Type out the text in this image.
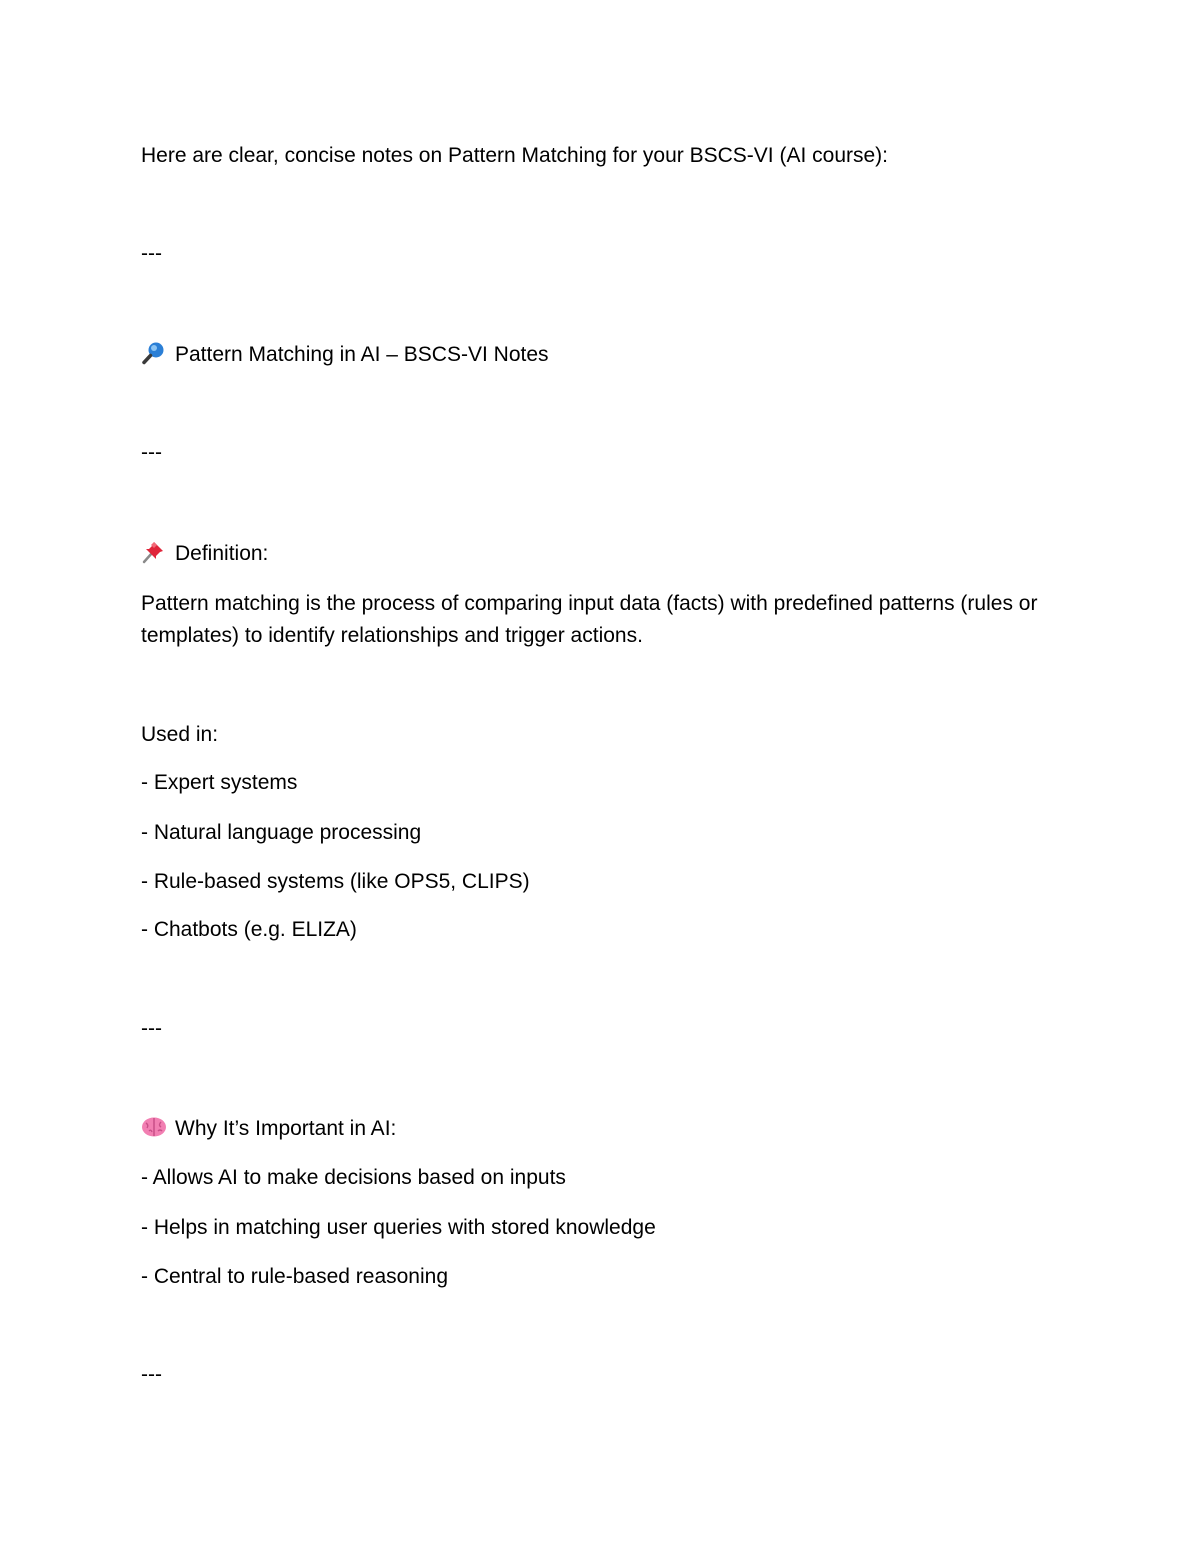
Here are clear, concise notes on Pattern Matching for your BSCS-VI (AI course):
---
Pattern Matching in AI – BSCS-VI Notes
---
Definition:
Pattern matching is the process of comparing input data (facts) with predefined patterns (rules or templates) to identify relationships and trigger actions.
Used in:
- Expert systems
- Natural language processing
- Rule-based systems (like OPS5, CLIPS)
- Chatbots (e.g. ELIZA)
---
Why It’s Important in AI:
- Allows AI to make decisions based on inputs
- Helps in matching user queries with stored knowledge
- Central to rule-based reasoning
---
